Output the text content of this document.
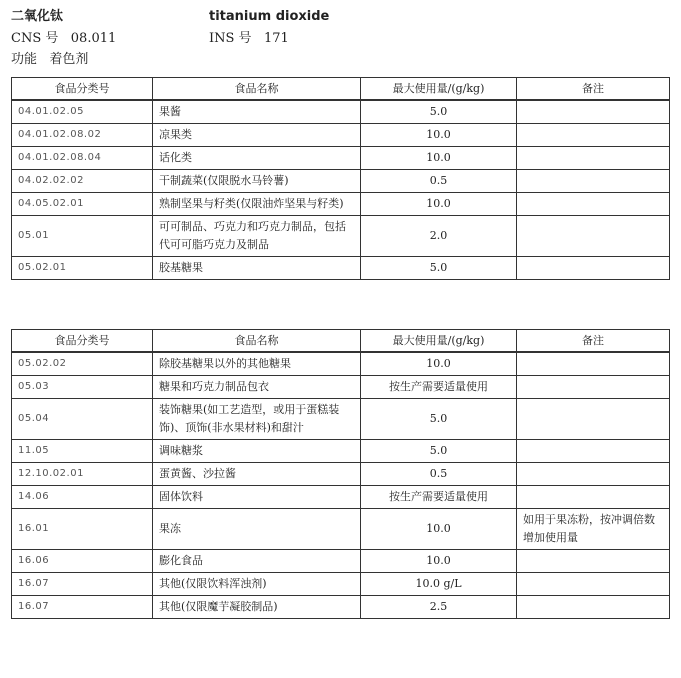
二氧化钛	titanium dioxide
CNS 号 08.011	INS 号 171
功能 着色剂
食品分类号	食品名称	最大使用量/(g/kg)	备注
04.01.02.05	果酱	5.0	
04.01.02.08.02	凉果类	10.0	
04.01.02.08.04	话化类	10.0	
04.02.02.02	干制蔬菜(仅限脱水马铃薯)	0.5	
04.05.02.01	熟制坚果与籽类(仅限油炸坚果与籽类)	10.0	
05.01	可可制品、巧克力和巧克力制品，包括代可可脂巧克力及制品	2.0	
05.02.01	胶基糖果	5.0	
食品分类号	食品名称	最大使用量/(g/kg)	备注
05.02.02	除胶基糖果以外的其他糖果	10.0	
05.03	糖果和巧克力制品包衣	按生产需要适量使用	
05.04	装饰糖果(如工艺造型，或用于蛋糕装饰)、顶饰(非水果材料)和甜汁	5.0	
11.05	调味糖浆	5.0	
12.10.02.01	蛋黄酱、沙拉酱	0.5	
14.06	固体饮料	按生产需要适量使用	
16.01	果冻	10.0	如用于果冻粉，按冲调倍数增加使用量
16.06	膨化食品	10.0	
16.07	其他(仅限饮料浑浊剂)	10.0 g/L	
16.07	其他(仅限魔芋凝胶制品)	2.5	
